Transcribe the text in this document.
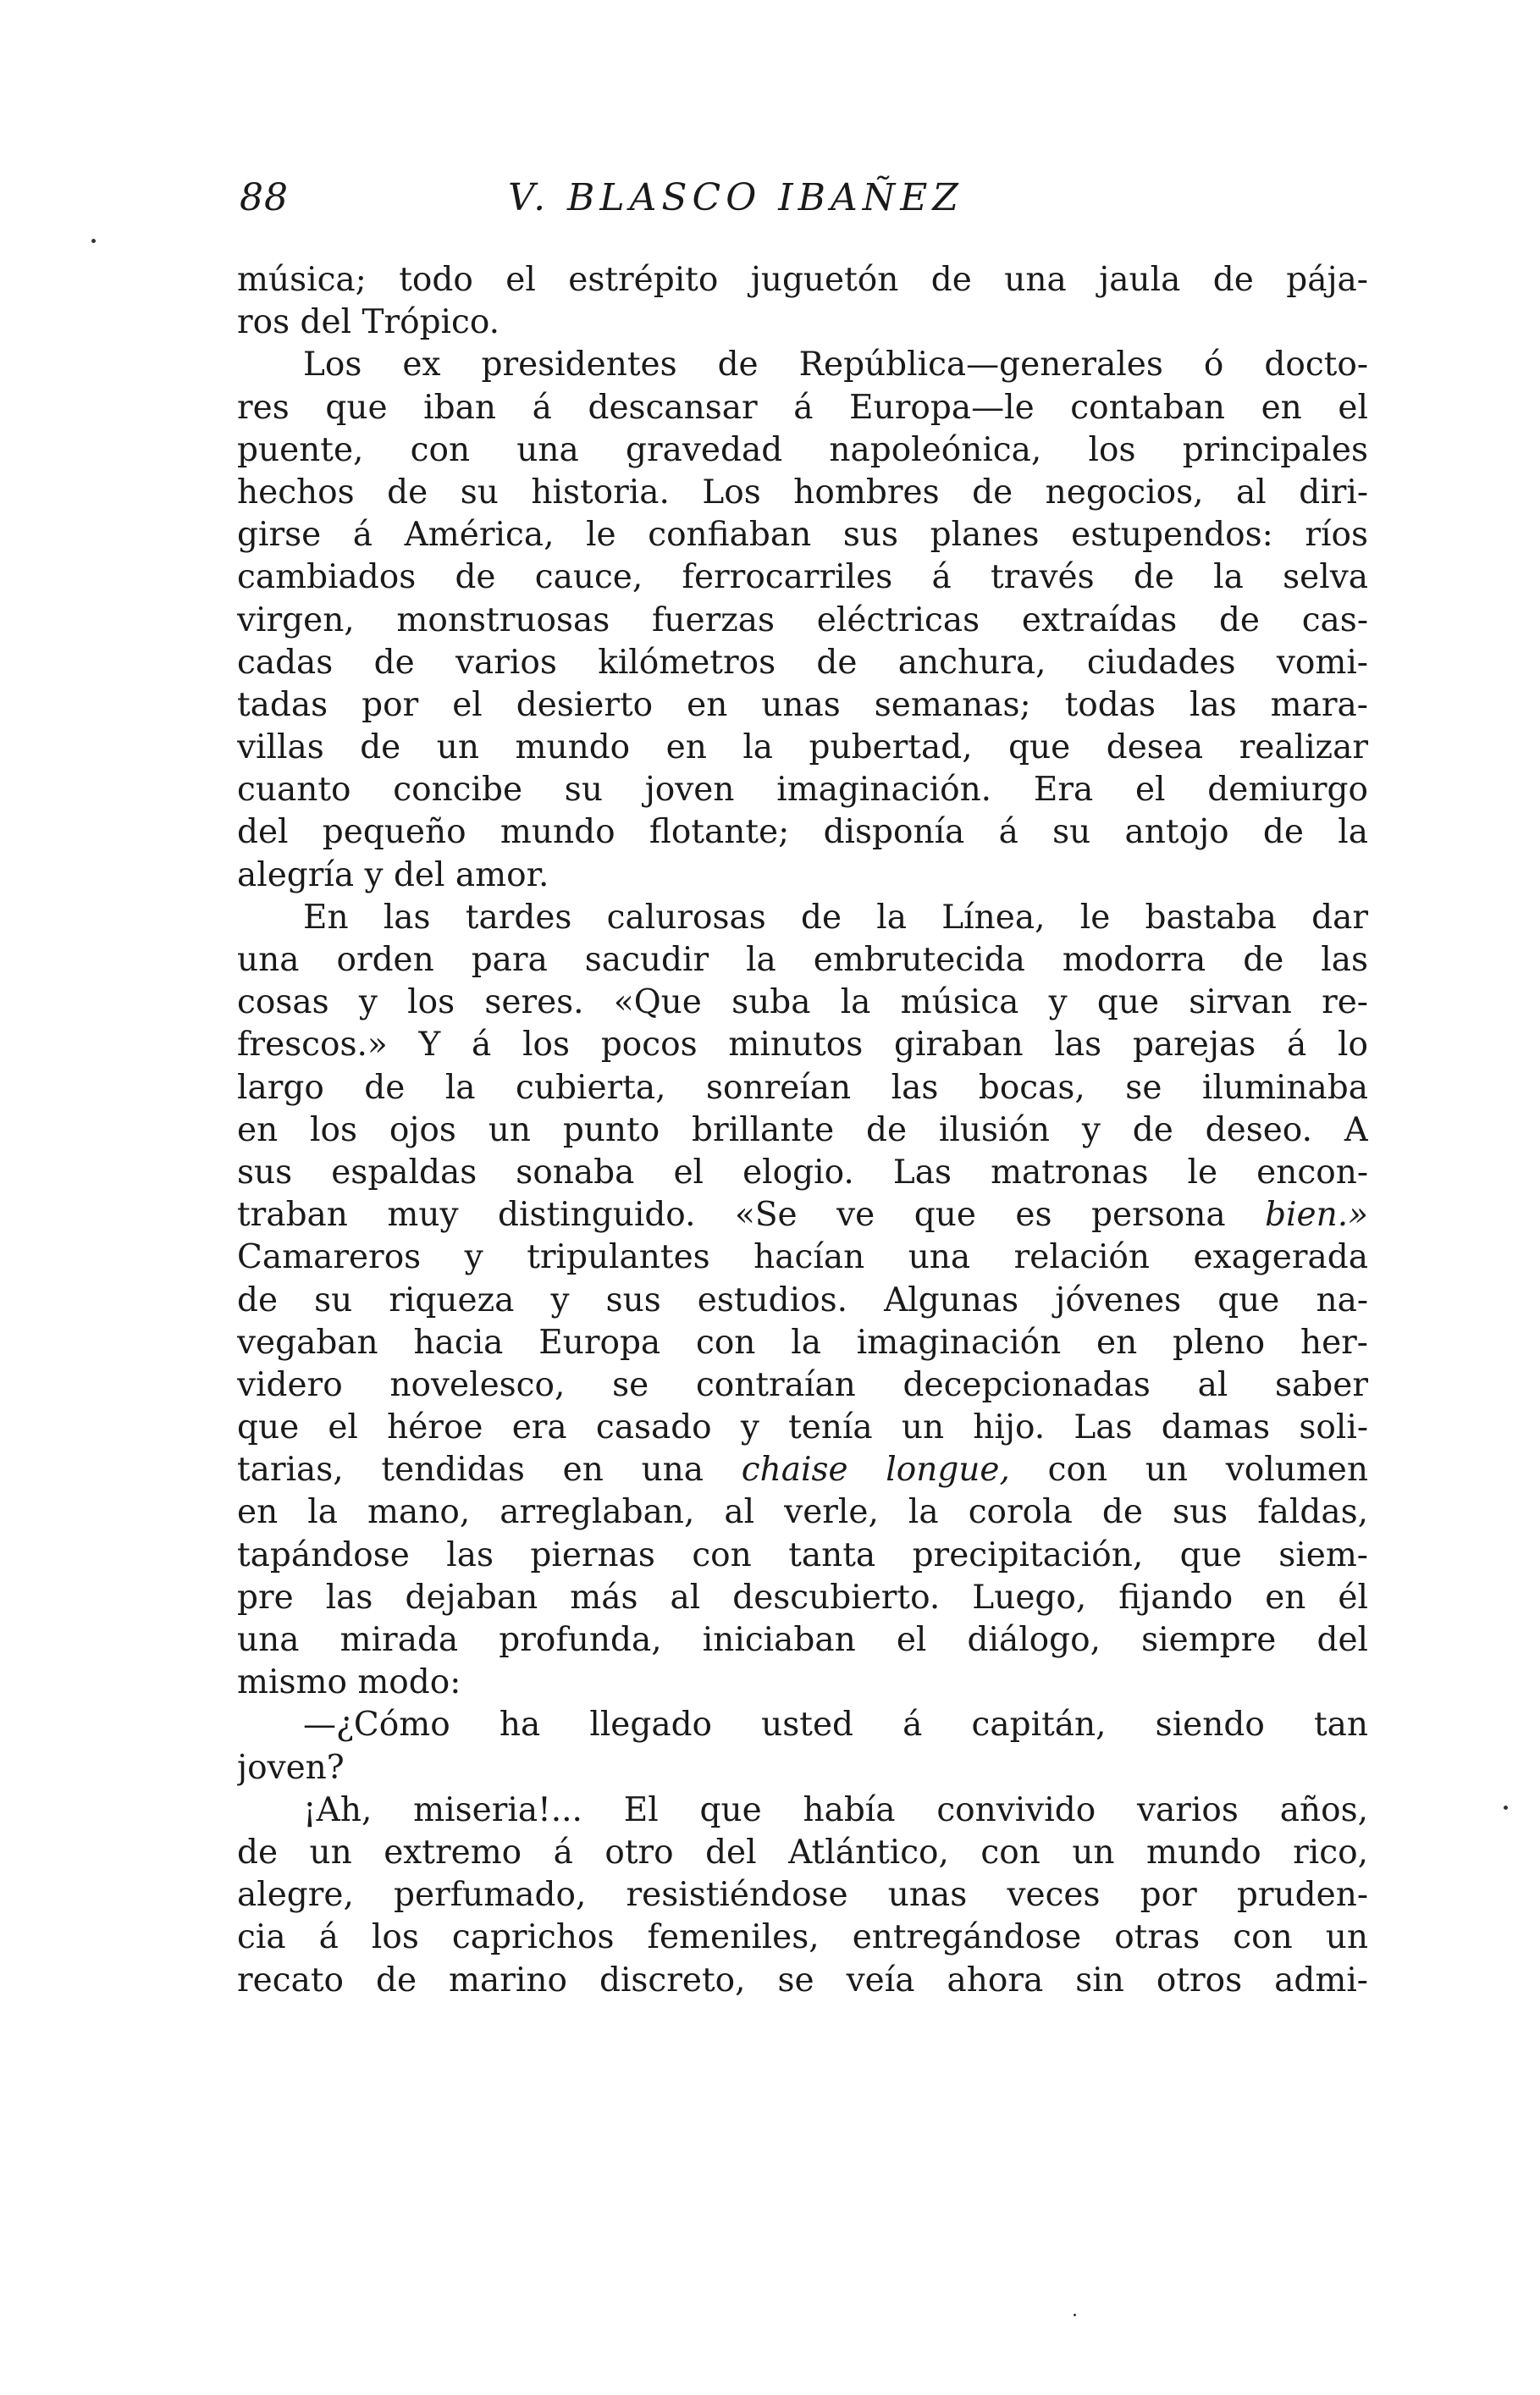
88	V. BLASCO IBAÑEZ
música; todo el estrépito juguetón de una jaula de pája-
ros del Trópico.
Los ex presidentes de República—generales ó docto-
res que iban á descansar á Europa—le contaban en el
puente, con una gravedad napoleónica, los principales
hechos de su historia. Los hombres de negocios, al diri-
girse á América, le confiaban sus planes estupendos: ríos
cambiados de cauce, ferrocarriles á través de la selva
virgen, monstruosas fuerzas eléctricas extraídas de cas-
cadas de varios kilómetros de anchura, ciudades vomi-
tadas por el desierto en unas semanas; todas las mara-
villas de un mundo en la pubertad, que desea realizar
cuanto concibe su joven imaginación. Era el demiurgo
del pequeño mundo flotante; disponía á su antojo de la
alegría y del amor.
En las tardes calurosas de la Línea, le bastaba dar
una orden para sacudir la embrutecida modorra de las
cosas y los seres. «Que suba la música y que sirvan re-
frescos.» Y á los pocos minutos giraban las parejas á lo
largo de la cubierta, sonreían las bocas, se iluminaba
en los ojos un punto brillante de ilusión y de deseo. A
sus espaldas sonaba el elogio. Las matronas le encon-
traban muy distinguido. «Se ve que es persona bien.»
Camareros y tripulantes hacían una relación exagerada
de su riqueza y sus estudios. Algunas jóvenes que na-
vegaban hacia Europa con la imaginación en pleno her-
videro novelesco, se contraían decepcionadas al saber
que el héroe era casado y tenía un hijo. Las damas soli-
tarias, tendidas en una chaise longue, con un volumen
en la mano, arreglaban, al verle, la corola de sus faldas,
tapándose las piernas con tanta precipitación, que siem-
pre las dejaban más al descubierto. Luego, fijando en él
una mirada profunda, iniciaban el diálogo, siempre del
mismo modo:
—¿Cómo ha llegado usted á capitán, siendo tan
joven?
¡Ah, miseria!... El que había convivido varios años,
de un extremo á otro del Atlántico, con un mundo rico,
alegre, perfumado, resistiéndose unas veces por pruden-
cia á los caprichos femeniles, entregándose otras con un
recato de marino discreto, se veía ahora sin otros admi-
